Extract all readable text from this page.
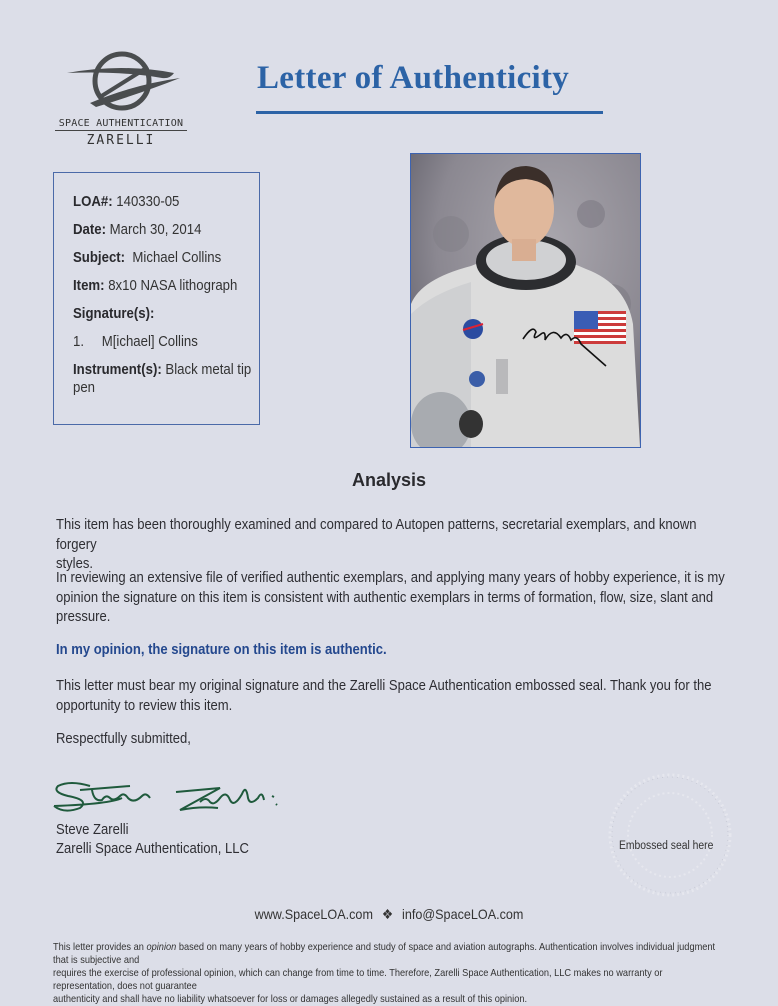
SPACE AUTHENTICATION
ZARELLI
Letter of Authenticity
LOA#: 140330-05
Date: March 30, 2014
Subject: Michael Collins
Item: 8x10 NASA lithograph
Signature(s):
1. M[ichael] Collins
Instrument(s): Black metal tip
pen
Analysis
This item has been thoroughly examined and compared to Autopen patterns, secretarial exemplars, and known forgery
styles.
In reviewing an extensive file of verified authentic exemplars, and applying many years of hobby experience, it is my
opinion the signature on this item is consistent with authentic exemplars in terms of formation, flow, size, slant and
pressure.
In my opinion, the signature on this item is authentic.
This letter must bear my original signature and the Zarelli Space Authentication embossed seal. Thank you for the
opportunity to review this item.
Respectfully submitted,
Steve Zarelli
Zarelli Space Authentication, LLC	Embossed seal here
www.SpaceLOA.com ❖ info@SpaceLOA.com
This letter provides an opinion based on many years of hobby experience and study of space and aviation autographs. Authentication involves individual judgment that is subjective and
requires the exercise of professional opinion, which can change from time to time. Therefore, Zarelli Space Authentication, LLC makes no warranty or representation, does not guarantee
authenticity and shall have no liability whatsoever for loss or damages allegedly sustained as a result of this opinion.
